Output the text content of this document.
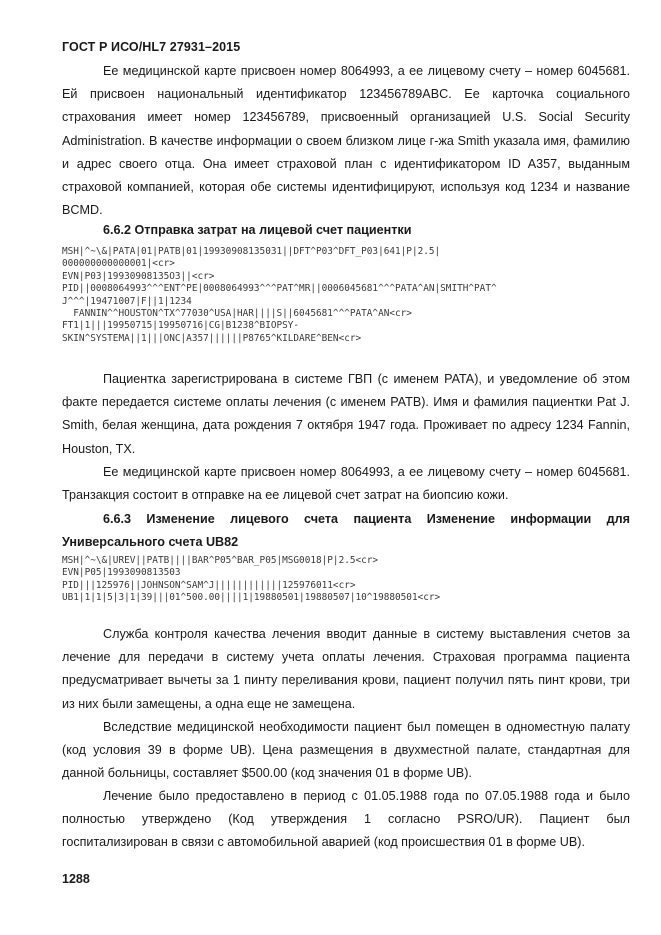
ГОСТ Р ИСО/HL7 27931–2015
Ее медицинской карте присвоен номер 8064993, а ее лицевому счету – номер 6045681. Ей присвоен национальный идентификатор 123456789ABC. Ее карточка социального страхования имеет номер 123456789, присвоенный организацией U.S. Social Security Administration. В качестве информации о своем близком лице г-жа Smith указала имя, фамилию и адрес своего отца. Она имеет страховой план с идентификатором ID A357, выданным страховой компанией, которая обе системы идентифицируют, используя код 1234 и название BCMD.
6.6.2 Отправка затрат на лицевой счет пациентки
MSH|^~\&|PATA|01|PATB|01|19930908135031||DFT^P03^DFT_P03|641|P|2.5|
000000000000001|<cr>
EVN|P03|19930908135O3||<cr>
PID||0008064993^^^ENT^PE|0008064993^^^PAT^MR||0006045681^^^PATA^AN|SMITH^PAT^
J^^^|19471007|F||1|1234
FANNIN^^HOUSTON^TX^77030^USA|HAR||||S||6045681^^^PATA^AN<cr>
FT1|1|||19950715|19950716|CG|B1238^BIOPSY-
SKIN^SYSTEMA||1|||ONC|A357||||||P8765^KILDARE^BEN<cr>
Пациентка зарегистрирована в системе ГВП (с именем PATA), и уведомление об этом факте передается системе оплаты лечения (с именем PATB). Имя и фамилия пациентки Pat J. Smith, белая женщина, дата рождения 7 октября 1947 года. Проживает по адресу 1234 Fannin, Houston, TX.
Ее медицинской карте присвоен номер 8064993, а ее лицевому счету – номер 6045681. Транзакция состоит в отправке на ее лицевой счет затрат на биопсию кожи.
6.6.3 Изменение лицевого счета пациента Изменение информации для Универсального счета UB82
MSH|^~\&|UREV||PATB||||BAR^P05^BAR_P05|MSG0018|P|2.5<cr>
EVN|P05|199309081350З
PID|||125976||JOHNSON^SAM^J||||||||||||125976011<cr>
UB1|1|1|5|3|1|39|||01^500.00||||1|19880501|19880507|10^19880501<cr>
Служба контроля качества лечения вводит данные в систему выставления счетов за лечение для передачи в систему учета оплаты лечения. Страховая программа пациента предусматривает вычеты за 1 пинту переливания крови, пациент получил пять пинт крови, три из них были замещены, а одна еще не замещена.
Вследствие медицинской необходимости пациент был помещен в одноместную палату (код условия 39 в форме UB). Цена размещения в двухместной палате, стандартная для данной больницы, составляет $500.00 (код значения 01 в форме UB).
Лечение было предоставлено в период с 01.05.1988 года по 07.05.1988 года и было полностью утверждено (Код утверждения 1 согласно PSRO/UR). Пациент был госпитализирован в связи с автомобильной аварией (код происшествия 01 в форме UB).
1288
